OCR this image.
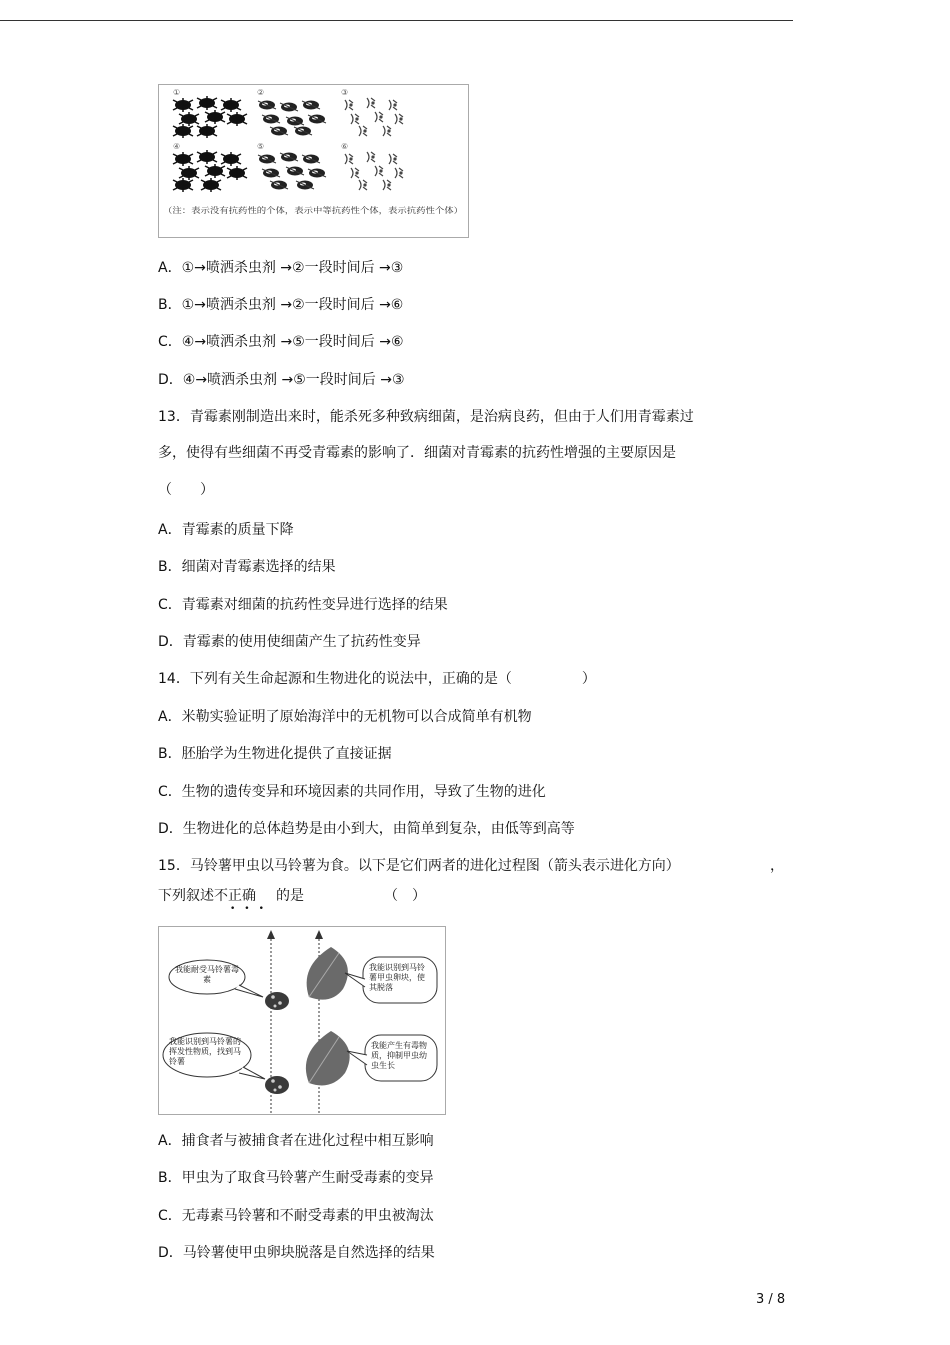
①	②	③
④	⑤	⑥
（注：表示没有抗药性的个体，表示中等抗药性个体，表示抗药性个体）
A．①→喷洒杀虫剂 →②一段时间后 →③
B．①→喷洒杀虫剂 →②一段时间后 →⑥
C．④→喷洒杀虫剂 →⑤一段时间后 →⑥
D．④→喷洒杀虫剂 →⑤一段时间后 →③
13．青霉素刚制造出来时，能杀死多种致病细菌，是治病良药，但由于人们用青霉素过
多，使得有些细菌不再受青霉素的影响了．细菌对青霉素的抗药性增强的主要原因是
（　　）
A．青霉素的质量下降
B．细菌对青霉素选择的结果
C．青霉素对细菌的抗药性变异进行选择的结果
D．青霉素的使用使细菌产生了抗药性变异
14．下列有关生命起源和生物进化的说法中，正确的是（　　　　　）
A．米勒实验证明了原始海洋中的无机物可以合成简单有机物
B．胚胎学为生物进化提供了直接证据
C．生物的遗传变异和环境因素的共同作用，导致了生物的进化
D．生物进化的总体趋势是由小到大，由简单到复杂，由低等到高等
15．马铃薯甲虫以马铃薯为食。以下是它们两者的进化过程图（箭头表示进化方向）	，
下列叙述不正确 的是	（　）
•••
我能耐受马铃薯毒素
我能识别到马铃薯甲虫卵块，使其脱落
我能识别到马铃薯的挥发性物质，找到马铃薯
我能产生有毒物质，抑制甲虫幼虫生长
A．捕食者与被捕食者在进化过程中相互影响
B．甲虫为了取食马铃薯产生耐受毒素的变异
C．无毒素马铃薯和不耐受毒素的甲虫被淘汰
D．马铃薯使甲虫卵块脱落是自然选择的结果
3 / 8
